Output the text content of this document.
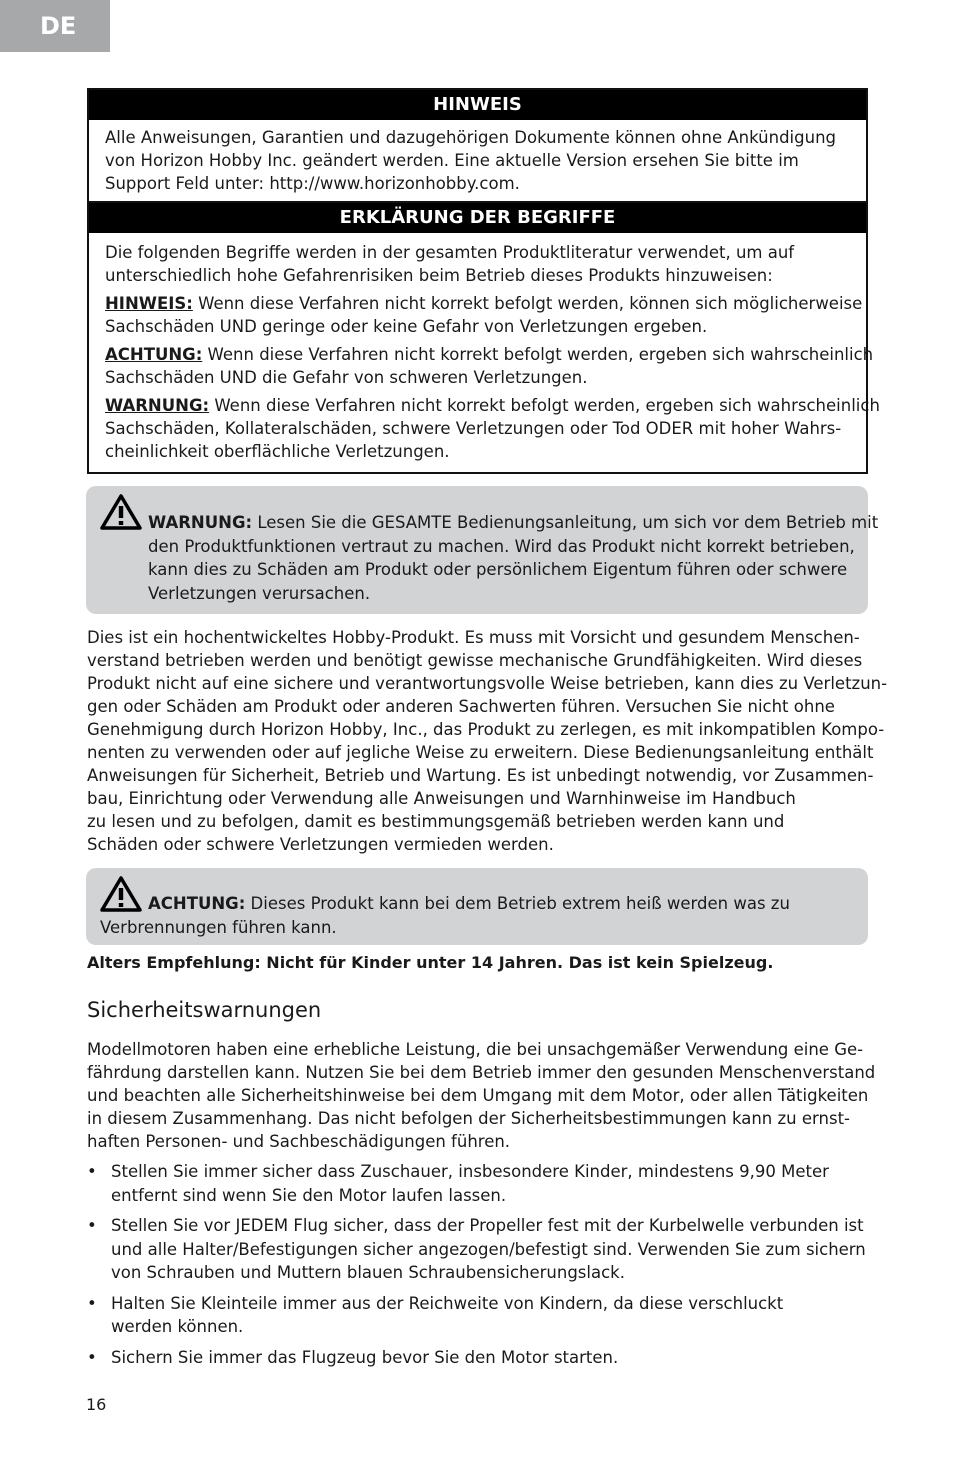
DE
HINWEIS
Alle Anweisungen, Garantien und dazugehörigen Dokumente können ohne Ankündigung
von Horizon Hobby Inc. geändert werden. Eine aktuelle Version ersehen Sie bitte im
Support Feld unter: http://www.horizonhobby.com.
ERKLÄRUNG DER BEGRIFFE
Die folgenden Begriffe werden in der gesamten Produktliteratur verwendet, um auf
unterschiedlich hohe Gefahrenrisiken beim Betrieb dieses Produkts hinzuweisen:
HINWEIS: Wenn diese Verfahren nicht korrekt befolgt werden, können sich möglicherweise
Sachschäden UND geringe oder keine Gefahr von Verletzungen ergeben.
ACHTUNG: Wenn diese Verfahren nicht korrekt befolgt werden, ergeben sich wahrscheinlich
Sachschäden UND die Gefahr von schweren Verletzungen.
WARNUNG: Wenn diese Verfahren nicht korrekt befolgt werden, ergeben sich wahrscheinlich
Sachschäden, Kollateralschäden, schwere Verletzungen oder Tod ODER mit hoher Wahrs-
cheinlichkeit oberflächliche Verletzungen.
WARNUNG: Lesen Sie die GESAMTE Bedienungsanleitung, um sich vor dem Betrieb mit
den Produktfunktionen vertraut zu machen. Wird das Produkt nicht korrekt betrieben,
kann dies zu Schäden am Produkt oder persönlichem Eigentum führen oder schwere
Verletzungen verursachen.
Dies ist ein hochentwickeltes Hobby-Produkt. Es muss mit Vorsicht und gesundem Menschen-
verstand betrieben werden und benötigt gewisse mechanische Grundfähigkeiten. Wird dieses
Produkt nicht auf eine sichere und verantwortungsvolle Weise betrieben, kann dies zu Verletzun-
gen oder Schäden am Produkt oder anderen Sachwerten führen. Versuchen Sie nicht ohne
Genehmigung durch Horizon Hobby, Inc., das Produkt zu zerlegen, es mit inkompatiblen Kompo-
nenten zu verwenden oder auf jegliche Weise zu erweitern. Diese Bedienungsanleitung enthält
Anweisungen für Sicherheit, Betrieb und Wartung. Es ist unbedingt notwendig, vor Zusammen-
bau, Einrichtung oder Verwendung alle Anweisungen und Warnhinweise im Handbuch
zu lesen und zu befolgen, damit es bestimmungsgemäß betrieben werden kann und
Schäden oder schwere Verletzungen vermieden werden.
ACHTUNG: Dieses Produkt kann bei dem Betrieb extrem heiß werden was zu
Verbrennungen führen kann.
Alters Empfehlung: Nicht für Kinder unter 14 Jahren. Das ist kein Spielzeug.
Sicherheitswarnungen
Modellmotoren haben eine erhebliche Leistung, die bei unsachgemäßer Verwendung eine Ge-
fährdung darstellen kann. Nutzen Sie bei dem Betrieb immer den gesunden Menschenverstand
und beachten alle Sicherheitshinweise bei dem Umgang mit dem Motor, oder allen Tätigkeiten
in diesem Zusammenhang. Das nicht befolgen der Sicherheitsbestimmungen kann zu ernst-
haften Personen- und Sachbeschädigungen führen.
• Stellen Sie immer sicher dass Zuschauer, insbesondere Kinder, mindestens 9,90 Meter
entfernt sind wenn Sie den Motor laufen lassen.
• Stellen Sie vor JEDEM Flug sicher, dass der Propeller fest mit der Kurbelwelle verbunden ist
und alle Halter/Befestigungen sicher angezogen/befestigt sind. Verwenden Sie zum sichern
von Schrauben und Muttern blauen Schraubensicherungslack.
• Halten Sie Kleinteile immer aus der Reichweite von Kindern, da diese verschluckt
werden können.
• Sichern Sie immer das Flugzeug bevor Sie den Motor starten.
16
